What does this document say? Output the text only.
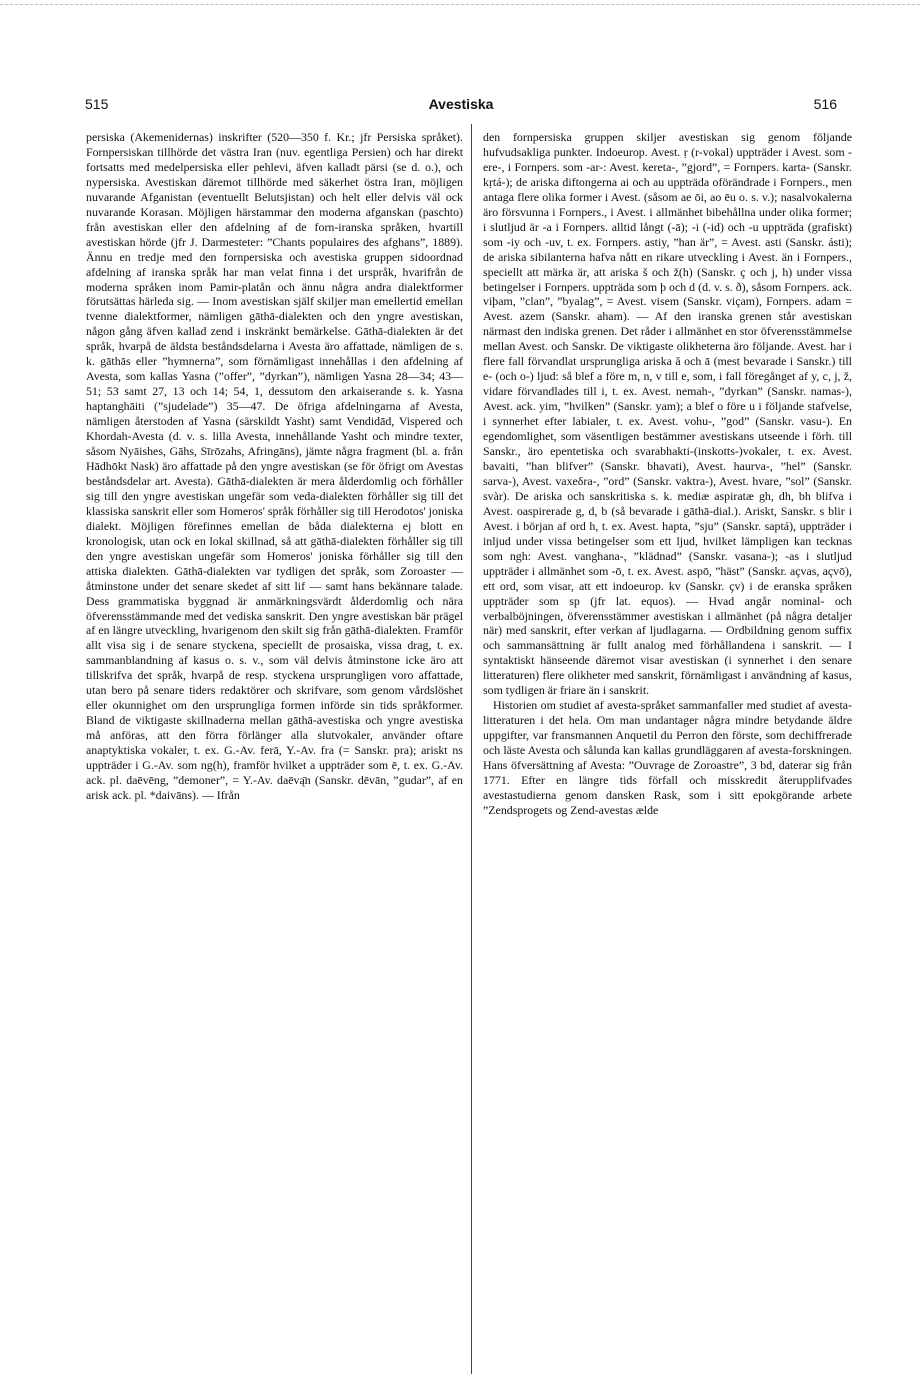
515	Avestiska	516

persiska (Akemenidernas) inskrifter (520—350 f. Kr.; jfr Persiska språket). Fornpersiskan tillhörde det västra Iran (nuv. egentliga Persien) och har direkt fortsatts med medelpersiska eller pehlevi, äfven kalladt pärsi (se d. o.), och nypersiska. Avestiskan däremot tillhörde med säkerhet östra Iran, möjligen nuvarande Afganistan (eventuellt Belutsjistan) och helt eller delvis väl ock nuvarande Korasan. Möjligen härstammar den moderna afganskan (paschto) från avestiskan eller den afdelning af de forn-iranska språken, hvartill avestiskan hörde (jfr J. Darmesteter: ”Chants populaires des afghans”, 1889). Ännu en tredje med den fornpersiska och avestiska gruppen sidoordnad afdelning af iranska språk har man velat finna i det urspråk, hvarifrån de moderna språken inom Pamir-platån och ännu några andra dialektformer förutsättas härleda sig. — Inom avestiskan själf skiljer man emellertid emellan tvenne dialektformer, nämligen gāthā-dialekten och den yngre avestiskan, någon gång äfven kallad zend i inskränkt bemärkelse. Gāthā-dialekten är det språk, hvarpå de äldsta beståndsdelarna i Avesta äro affattade, nämligen de s. k. gāthās eller ”hymnerna”, som förnämligast innehållas i den afdelning af Avesta, som kallas Yasna (”offer”, ”dyrkan”), nämligen Yasna 28—34; 43—51; 53 samt 27, 13 och 14; 54, 1, dessutom den arkaiserande s. k. Yasna haptanghāiti (”sjudelade”) 35—47. De öfriga afdelningarna af Avesta, nämligen återstoden af Yasna (särskildt Yasht) samt Vendidād, Vispered och Khordah-Avesta (d. v. s. lilla Avesta, innehållande Yasht och mindre texter, såsom Nyāishes, Gāhs, Sīrōzahs, Afringāns), jämte några fragment (bl. a. från Hādhōkt Nask) äro affattade på den yngre avestiskan (se för öfrigt om Avestas beståndsdelar art. Avesta). Gāthā-dialekten är mera ålderdomlig och förhåller sig till den yngre avestiskan ungefär som veda-dialekten förhåller sig till det klassiska sanskrit eller som Homeros' språk förhåller sig till Herodotos' joniska dialekt. Möjligen förefinnes emellan de båda dialekterna ej blott en kronologisk, utan ock en lokal skillnad, så att gāthā-dialekten förhåller sig till den yngre avestiskan ungefär som Homeros' joniska förhåller sig till den attiska dialekten. Gāthā-dialekten var tydligen det språk, som Zoroaster — åtminstone under det senare skedet af sitt lif — samt hans bekännare talade. Dess grammatiska byggnad är anmärkningsvärdt ålderdomlig och nära öfverensstämmande med det vediska sanskrit. Den yngre avestiskan bär prägel af en längre utveckling, hvarigenom den skilt sig från gāthā-dialekten. Framför allt visa sig i de senare styckena, speciellt de prosaiska, vissa drag, t. ex. sammanblandning af kasus o. s. v., som väl delvis åtminstone icke äro att tillskrifva det språk, hvarpå de resp. styckena ursprungligen voro affattade, utan bero på senare tiders redaktörer och skrifvare, som genom vårdslöshet eller okunnighet om den ursprungliga formen införde sin tids språkformer. Bland de viktigaste skillnaderna mellan gāthā-avestiska och yngre avestiska må anföras, att den förra förlänger alla slutvokaler, använder oftare anaptyktiska vokaler, t. ex. G.-Av. ferā, Y.-Av. fra (= Sanskr. pra); ariskt ns uppträder i G.-Av. som ng(h), framför hvilket a uppträder som ē, t. ex. G.-Av. ack. pl. daēvēng, ”demoner”, = Y.-Av. daēvą̄n (Sanskr. dēvān, ”gudar”, af en arisk ack. pl. *daivāns). — Ifrån

den fornpersiska gruppen skiljer avestiskan sig genom följande hufvudsakliga punkter. Indoeurop. Avest. ṛ (r-vokal) uppträder i Avest. som -ere-, i Fornpers. som -ar-: Avest. kereta-, ”gjord”, = Fornpers. karta- (Sanskr. kṛtá-); de ariska diftongerna ai och au uppträda oförändrade i Fornpers., men antaga flere olika former i Avest. (såsom ae ōi, ao ēu o. s. v.); nasalvokalerna äro försvunna i Fornpers., i Avest. i allmänhet bibehållna under olika former; i slutljud är -a i Fornpers. alltid långt (-ā); -i (-id) och -u uppträda (grafiskt) som -iy och -uv, t. ex. Fornpers. astiy, ”han är”, = Avest. asti (Sanskr. ásti); de ariska sibilanterna hafva nått en rikare utveckling i Avest. än i Fornpers., speciellt att märka är, att ariska š och ž(h) (Sanskr. ç och j, h) under vissa betingelser i Fornpers. uppträda som þ och d (d. v. s. ð), såsom Fornpers. ack. viþam, ”clan”, ”byalag”, = Avest. visem (Sanskr. viçam), Fornpers. adam = Avest. azem (Sanskr. aham). — Af den iranska grenen står avestiskan närmast den indiska grenen. Det råder i allmänhet en stor öfverensstämmelse mellan Avest. och Sanskr. De viktigaste olikheterna äro följande. Avest. har i flere fall förvandlat ursprungliga ariska ă och ā (mest bevarade i Sanskr.) till e- (och o-) ljud: så blef a före m, n, v till e, som, i fall föregånget af y, c, j, ž, vidare förvandlades till i, t. ex. Avest. nemah-, ”dyrkan” (Sanskr. namas-), Avest. ack. yim, ”hvilken” (Sanskr. yam); a blef o före u i följande stafvelse, i synnerhet efter labialer, t. ex. Avest. vohu-, ”god” (Sanskr. vasu-). En egendomlighet, som väsentligen bestämmer avestiskans utseende i förh. till Sanskr., äro epentetiska och svarabhakti-(inskotts-)vokaler, t. ex. Avest. bavaiti, ”han blifver” (Sanskr. bhavati), Avest. haurva-, ”hel” (Sanskr. sarva-), Avest. vaxeδra-, ”ord” (Sanskr. vaktra-), Avest. hvare, ”sol” (Sanskr. svàr). De ariska och sanskritiska s. k. mediæ aspiratæ gh, dh, bh blifva i Avest. oaspirerade g, d, b (så bevarade i gāthā-dial.). Ariskt, Sanskr. s blir i Avest. i början af ord h, t. ex. Avest. hapta, ”sju” (Sanskr. saptá), uppträder i inljud under vissa betingelser som ett ljud, hvilket lämpligen kan tecknas som ngh: Avest. vanghana-, ”klädnad” (Sanskr. vasana-); -as i slutljud uppträder i allmänhet som -ō, t. ex. Avest. aspō, ”häst” (Sanskr. açvas, açvō), ett ord, som visar, att ett indoeurop. kv (Sanskr. çv) i de eranska språken uppträder som sp (jfr lat. equos). — Hvad angår nominal- och verbalböjningen, öfverensstämmer avestiskan i allmänhet (på några detaljer när) med sanskrit, efter verkan af ljudlagarna. — Ordbildning genom suffix och sammansättning är fullt analog med förhållandena i sanskrit. — I syntaktiskt hänseende däremot visar avestiskan (i synnerhet i den senare litteraturen) flere olikheter med sanskrit, förnämligast i användning af kasus, som tydligen är friare än i sanskrit.

Historien om studiet af avesta-språket sammanfaller med studiet af avesta-litteraturen i det hela. Om man undantager några mindre betydande äldre uppgifter, var fransmannen Anquetil du Perron den förste, som dechiffrerade och läste Avesta och sålunda kan kallas grundläggaren af avesta-forskningen. Hans öfversättning af Avesta: ”Ouvrage de Zoroastre”, 3 bd, daterar sig från 1771. Efter en längre tids förfall och misskredit återupplifvades avestastudierna genom dansken Rask, som i sitt epokgörande arbete ”Zendsprogets og Zend-avestas ælde
